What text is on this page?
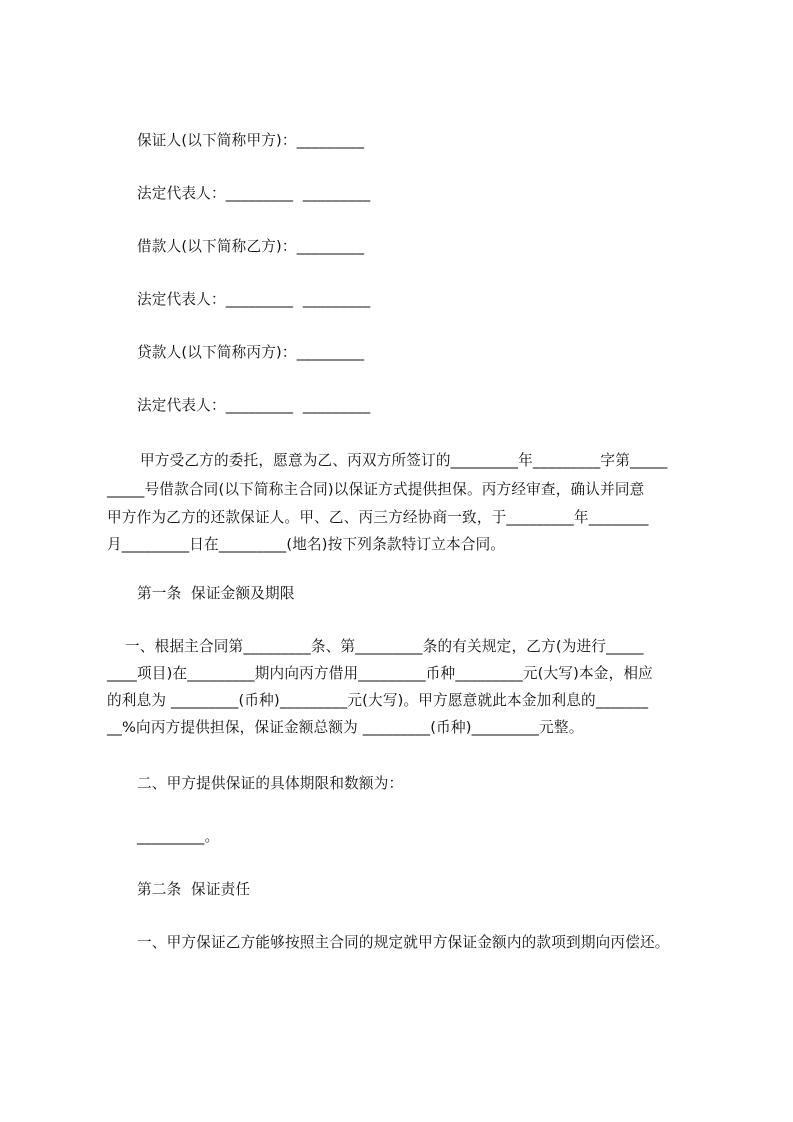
保证人(以下简称甲方)：_________
法定代表人：_________  _________
借款人(以下简称乙方)：_________
法定代表人：_________  _________
贷款人(以下简称丙方)：_________
法定代表人：_________  _________
甲方受乙方的委托，愿意为乙、丙双方所签订的_________年_________字第_____
_____号借款合同(以下简称主合同)以保证方式提供担保。丙方经审查，确认并同意
甲方作为乙方的还款保证人。甲、乙、丙三方经协商一致，于_________年________
月_________日在_________(地名)按下列条款特订立本合同。
第一条  保证金额及期限
一、根据主合同第_________条、第_________条的有关规定，乙方(为进行_____
____项目)在_________期内向丙方借用_________币种_________元(大写)本金，相应
的利息为 _________(币种)_________元(大写)。甲方愿意就此本金加利息的_______
__%向丙方提供担保，保证金额总额为 _________(币种)_________元整。
二、甲方提供保证的具体期限和数额为：
_________。
第二条  保证责任
一、甲方保证乙方能够按照主合同的规定就甲方保证金额内的款项到期向丙偿还。
